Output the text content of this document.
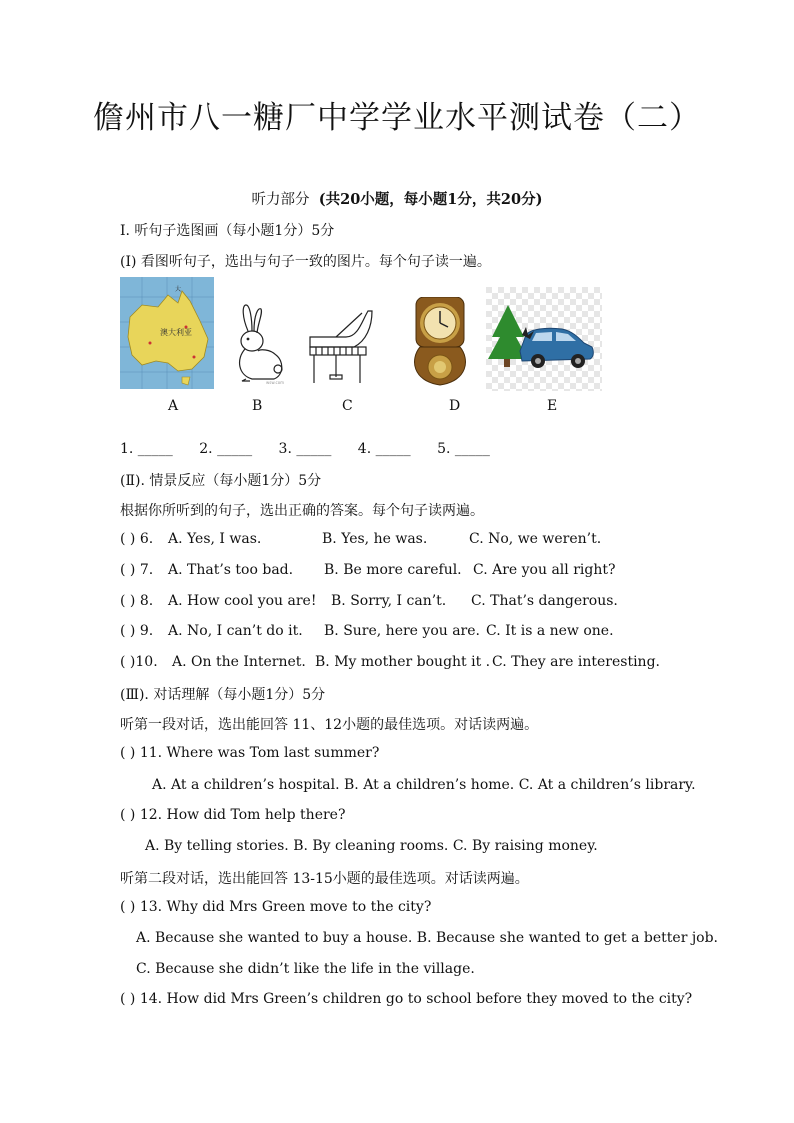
儋州市八一糖厂中学学业水平测试卷（二）
听力部分 (共20小题，每小题1分，共20分)
I. 听句子选图画（每小题1分）5分
(Ⅰ) 看图听句子，选出与句子一致的图片。每个句子读一遍。
澳大利亚
大
wsw.com
A	B	C	D	E
1. _____ 2. _____ 3. _____ 4. _____ 5. _____
(Ⅱ). 情景反应（每小题1分）5分
根据你所听到的句子，选出正确的答案。每个句子读两遍。
( ) 6. A. Yes, I was.	B. Yes, he was.	C. No, we weren’t.
( ) 7. A. That’s too bad. B. Be more careful. C. Are you all right?
( ) 8. A. How cool you are! B. Sorry, I can’t. C. That’s dangerous.
( ) 9. A. No, I can’t do it. B. Sure, here you are. C. It is a new one.
( )10. A. On the Internet. B. My mother bought it . C. They are interesting.
(Ⅲ). 对话理解（每小题1分）5分
听第一段对话，选出能回答 11、12小题的最佳选项。对话读两遍。
( ) 11. Where was Tom last summer?
A. At a children’s hospital. B. At a children’s home. C. At a children’s library.
( ) 12. How did Tom help there?
A. By telling stories. B. By cleaning rooms. C. By raising money.
听第二段对话，选出能回答 13-15小题的最佳选项。对话读两遍。
( ) 13. Why did Mrs Green move to the city?
A. Because she wanted to buy a house. B. Because she wanted to get a better job.
C. Because she didn’t like the life in the village.
( ) 14. How did Mrs Green’s children go to school before they moved to the city?
